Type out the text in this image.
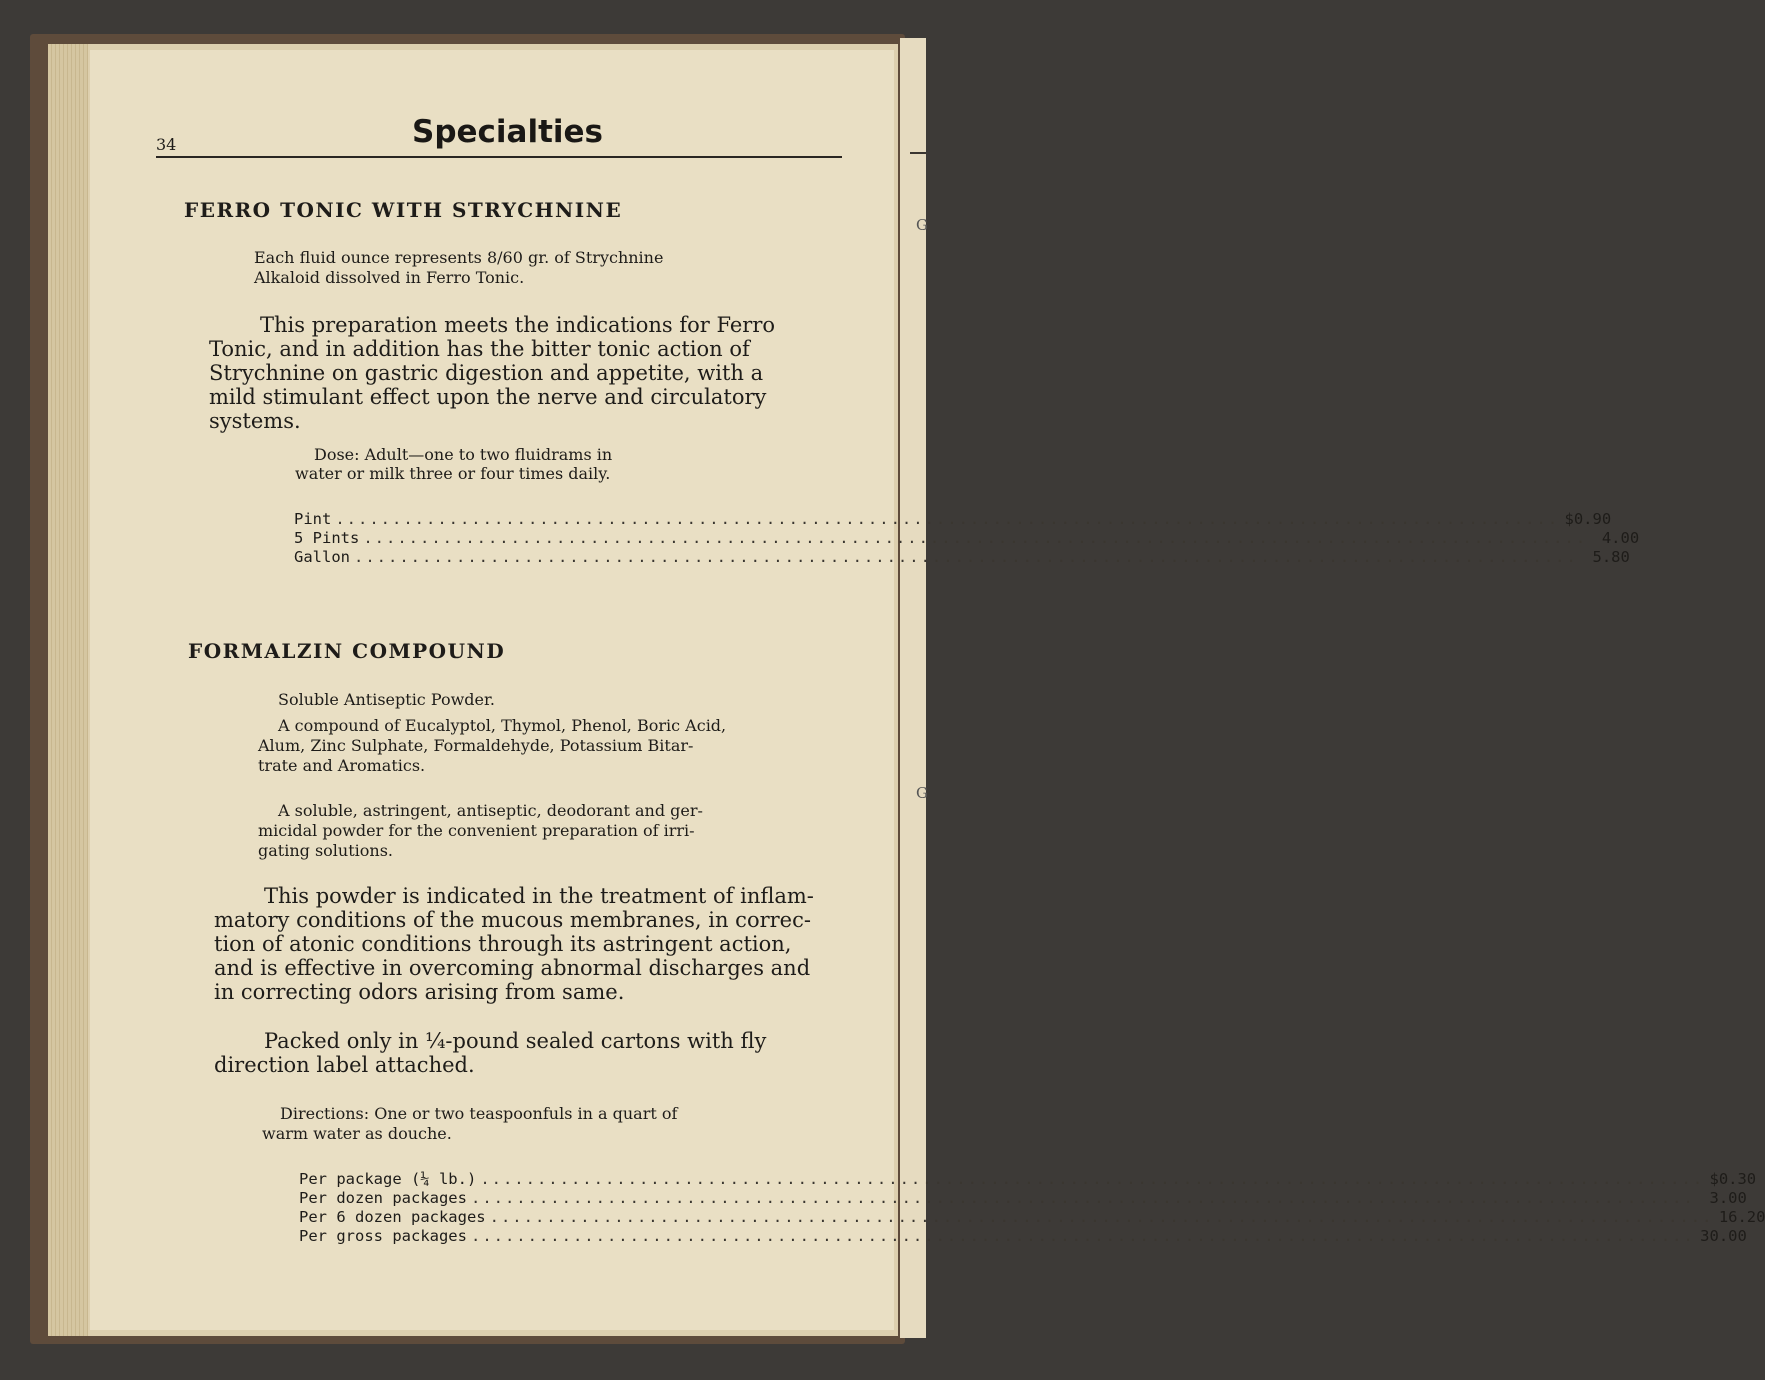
G
G

34	Specialties
FERRO TONIC WITH STRYCHNINE

Each fluid ounce represents 8/60 gr. of Strychnine

Alkaloid dissolved in Ferro Tonic.

This preparation meets the indications for Ferro

Tonic, and in addition has the bitter tonic action of

Strychnine on gastric digestion and appetite, with a

mild stimulant effect upon the nerve and circulatory

systems.

Dose: Adult—one to two fluidrams in

water or milk three or four times daily.

Pint .....	$0.90
5 Pints .....	4.00
Gallon .....	5.80
FORMALZIN COMPOUND

Soluble Antiseptic Powder.

A compound of Eucalyptol, Thymol, Phenol, Boric Acid,

Alum, Zinc Sulphate, Formaldehyde, Potassium Bitar-

trate and Aromatics.

A soluble, astringent, antiseptic, deodorant and ger-

micidal powder for the convenient preparation of irri-

gating solutions.

This powder is indicated in the treatment of inflam-

matory conditions of the mucous membranes, in correc-

tion of atonic conditions through its astringent action,

and is effective in overcoming abnormal discharges and

in correcting odors arising from same.

Packed only in ¼-pound sealed cartons with fly

direction label attached.

Directions: One or two teaspoonfuls in a quart of

warm water as douche.

Per package (¼ lb.) .....	$0.30
Per dozen packages .....	3.00
Per 6 dozen packages .....	16.20
Per gross packages .....	30.00
